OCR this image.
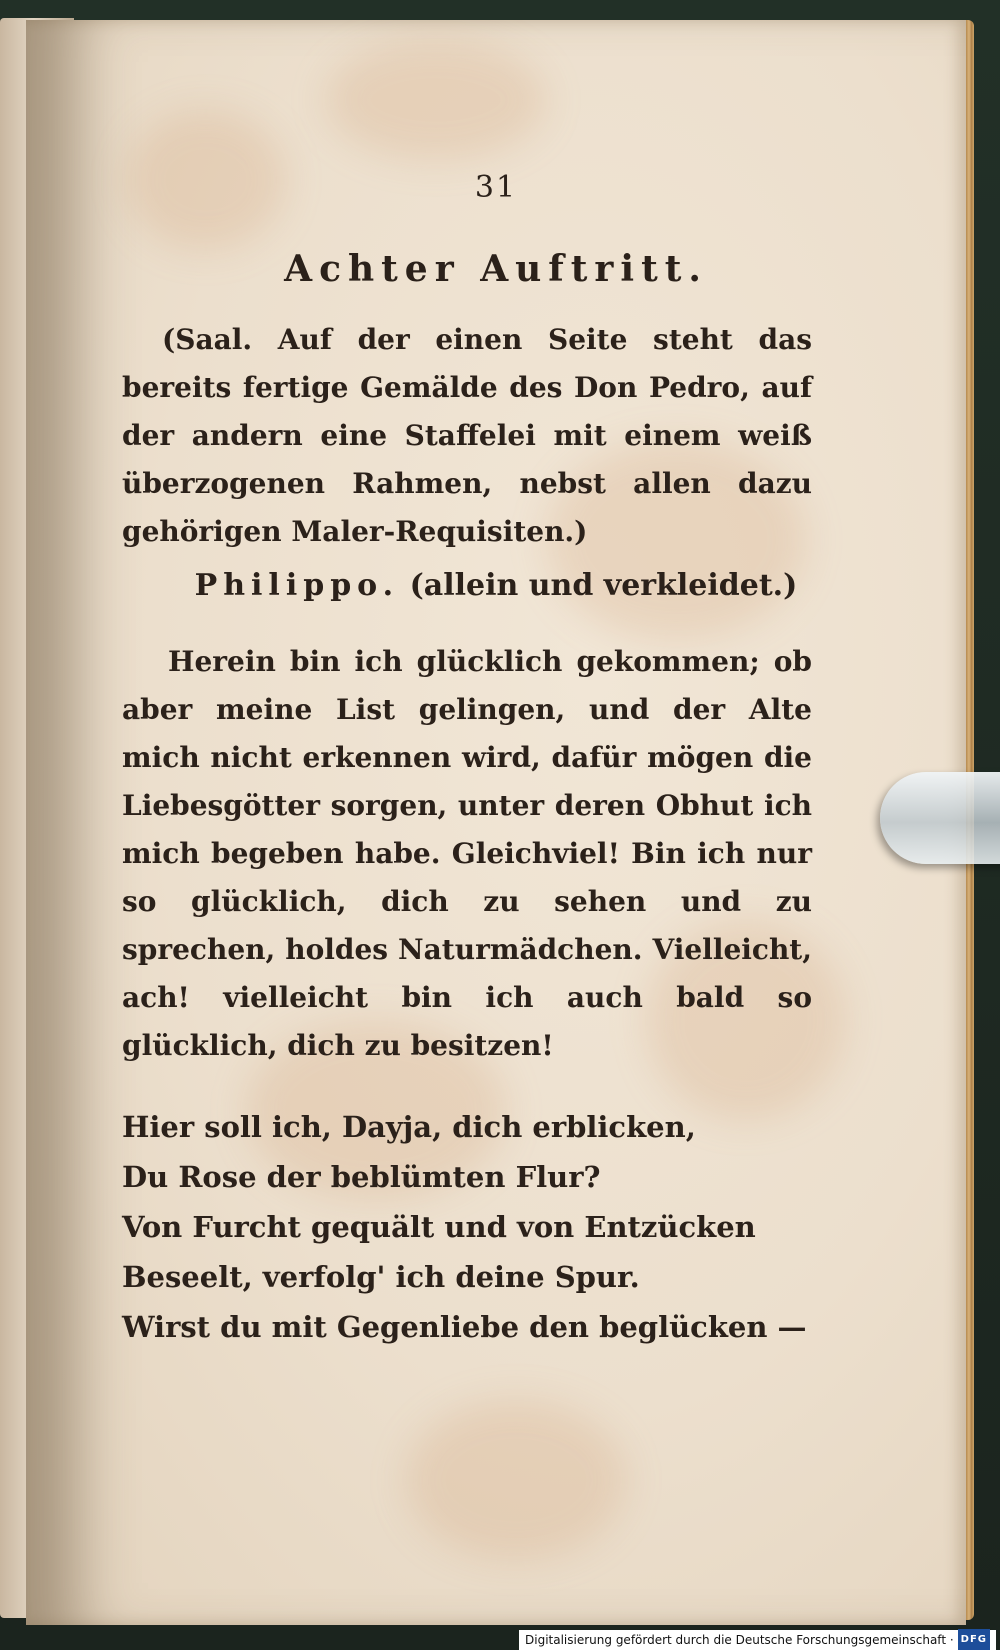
31
Achter Auftritt.
(Saal. Auf der einen Seite steht das bereits fertige Gemälde des Don Pedro, auf der andern eine Staffelei mit einem weiß überzogenen Rahmen, nebst allen dazu gehörigen Maler-Requisiten.)
Philippo. (allein und verkleidet.)
Herein bin ich glücklich gekommen; ob aber meine List gelingen, und der Alte mich nicht erkennen wird, dafür mögen die Liebesgötter sorgen, unter deren Obhut ich mich begeben habe. Gleichviel! Bin ich nur so glücklich, dich zu sehen und zu sprechen, holdes Naturmädchen. Vielleicht, ach! vielleicht bin ich auch bald so glücklich, dich zu besitzen!
Hier soll ich, Dayja, dich erblicken,
Du Rose der beblümten Flur?
Von Furcht gequält und von Entzücken
Beseelt, verfolg' ich deine Spur.
Wirst du mit Gegenliebe den beglücken —
Digitalisierung gefördert durch die Deutsche Forschungsgemeinschaft · DFG
